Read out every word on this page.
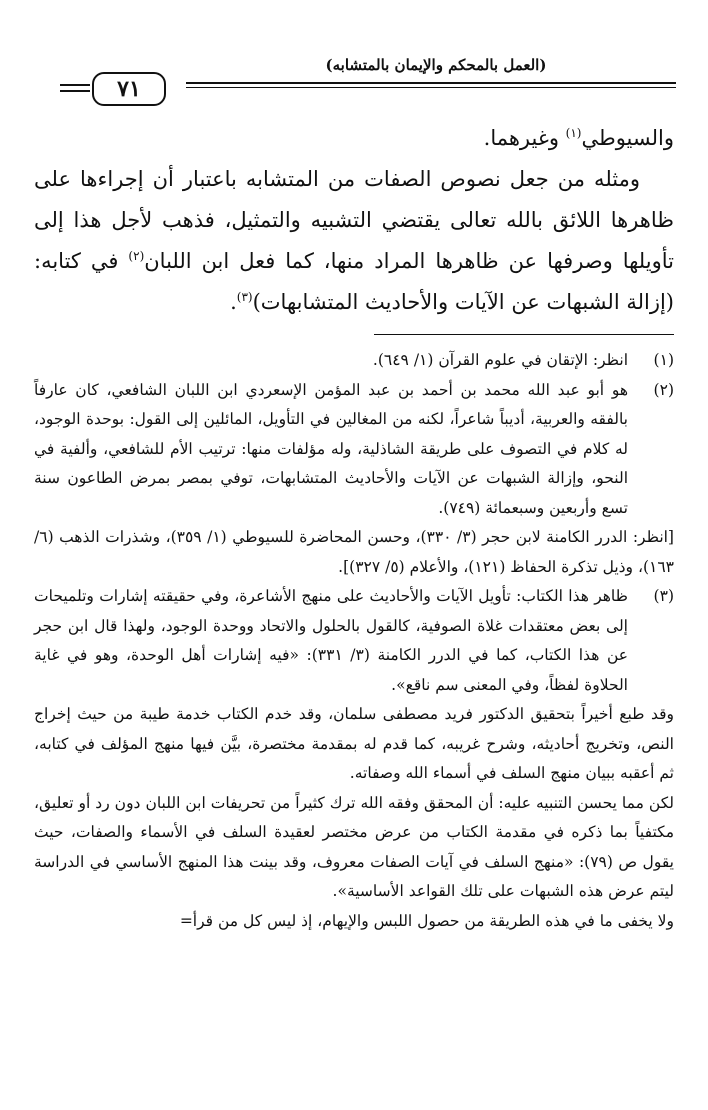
(العمل بالمحكم والإيمان بالمتشابه)
٧١

والسيوطي$^{(١)}$ وغيرهما.

ومثله من جعل نصوص الصفات من المتشابه باعتبار أن إجراءها على ظاهرها اللائق بالله تعالى يقتضي التشبيه والتمثيل، فذهب لأجل هذا إلى تأويلها وصرفها عن ظاهرها المراد منها، كما فعل ابن اللبان$^{(٢)}$ في كتابه: (إزالة الشبهات عن الآيات والأحاديث المتشابهات)$^{(٣)}$.

(١)
انظر: الإتقان في علوم القرآن (١/ ٦٤٩).

(٢)
هو أبو عبد الله محمد بن أحمد بن عبد المؤمن الإسعردي ابن اللبان الشافعي، كان عارفاً بالفقه والعربية، أديباً شاعراً، لكنه من المغالين في التأويل، المائلين إلى القول: بوحدة الوجود، له كلام في التصوف على طريقة الشاذلية، وله مؤلفات منها: ترتيب الأم للشافعي، وألفية في النحو، وإزالة الشبهات عن الآيات والأحاديث المتشابهات، توفي بمصر بمرض الطاعون سنة تسع وأربعين وسبعمائة (٧٤٩).

[انظر: الدرر الكامنة لابن حجر (٣/ ٣٣٠)، وحسن المحاضرة للسيوطي (١/ ٣٥٩)، وشذرات الذهب (٦/ ١٦٣)، وذيل تذكرة الحفاظ (١٢١)، والأعلام (٥/ ٣٢٧)].

(٣)
ظاهر هذا الكتاب: تأويل الآيات والأحاديث على منهج الأشاعرة، وفي حقيقته إشارات وتلميحات إلى بعض معتقدات غلاة الصوفية، كالقول بالحلول والاتحاد ووحدة الوجود، ولهذا قال ابن حجر عن هذا الكتاب، كما في الدرر الكامنة (٣/ ٣٣١): «فيه إشارات أهل الوحدة، وهو في غاية الحلاوة لفظاً، وفي المعنى سم ناقع».

وقد طبع أخيراً بتحقيق الدكتور فريد مصطفى سلمان، وقد خدم الكتاب خدمة طيبة من حيث إخراج النص، وتخريج أحاديثه، وشرح غريبه، كما قدم له بمقدمة مختصرة، بيَّن فيها منهج المؤلف في كتابه، ثم أعقبه ببيان منهج السلف في أسماء الله وصفاته.

لكن مما يحسن التنبيه عليه: أن المحقق وفقه الله ترك كثيراً من تحريفات ابن اللبان دون رد أو تعليق، مكتفياً بما ذكره في مقدمة الكتاب من عرض مختصر لعقيدة السلف في الأسماء والصفات، حيث يقول ص (٧٩): «منهج السلف في آيات الصفات معروف، وقد بينت هذا المنهج الأساسي في الدراسة ليتم عرض هذه الشبهات على تلك القواعد الأساسية».

ولا يخفى ما في هذه الطريقة من حصول اللبس والإيهام، إذ ليس كل من قرأ=
